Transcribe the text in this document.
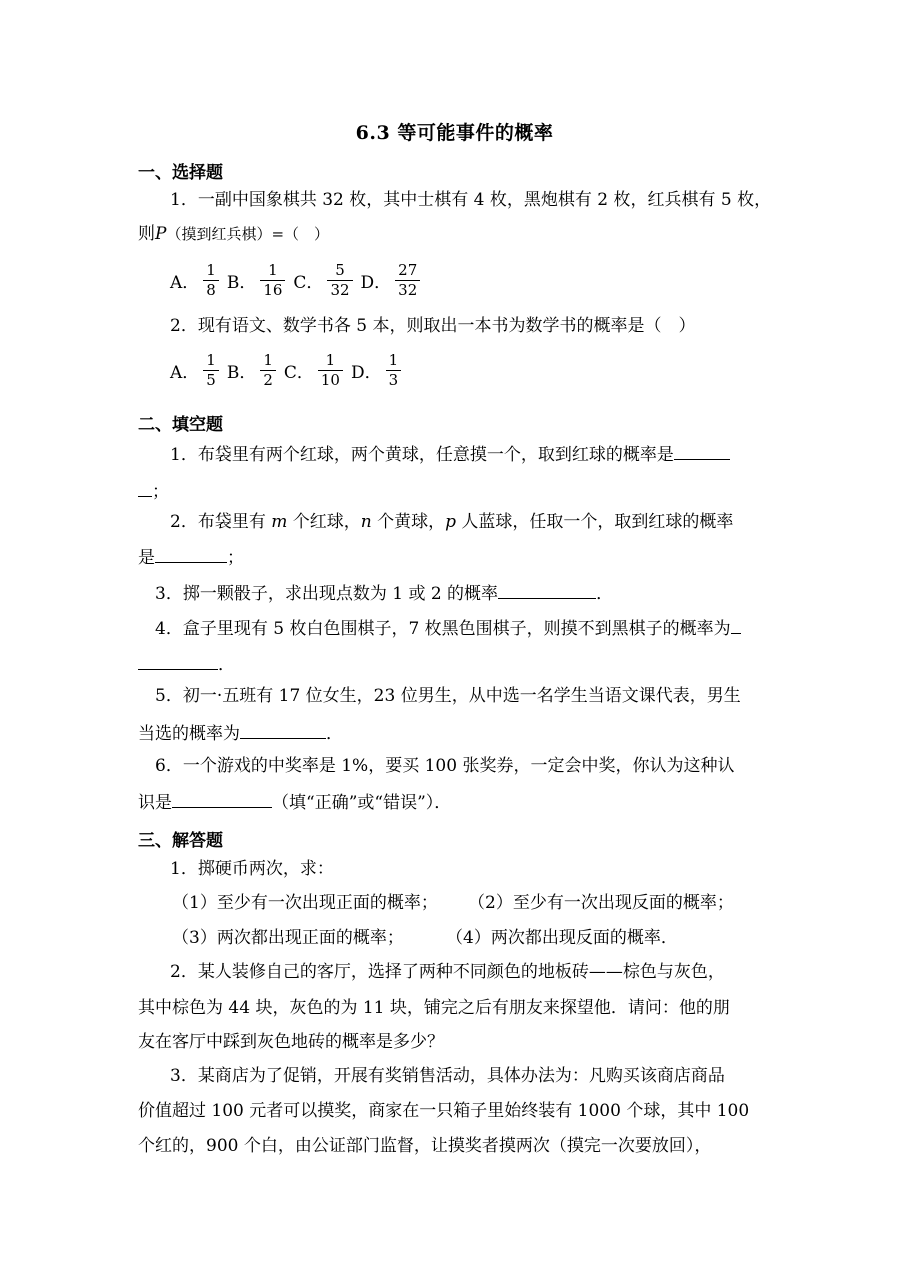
6.3 等可能事件的概率
一、选择题
1．一副中国象棋共 32 枚，其中士棋有 4 枚，黑炮棋有 2 枚，红兵棋有 5 枚，
则P（摸到红兵棋）=（　）
A． $\frac{1}{8}$ B． $\frac{1}{16}$ C． $\frac{5}{32}$ D． $\frac{27}{32}$
2．现有语文、数学书各 5 本，则取出一本书为数学书的概率是（　）
A． $\frac{1}{5}$ B． $\frac{1}{2}$ C． $\frac{1}{10}$ D． $\frac{1}{3}$
二、填空题
1．布袋里有两个红球，两个黄球，任意摸一个，取到红球的概率是
；
2．布袋里有 m 个红球，n 个黄球，p 人蓝球，任取一个，取到红球的概率
是	；
3．掷一颗骰子，求出现点数为 1 或 2 的概率	．
4．盒子里现有 5 枚白色围棋子，7 枚黑色围棋子，则摸不到黑棋子的概率为
．
5．初一·五班有 17 位女生，23 位男生，从中选一名学生当语文课代表，男生
当选的概率为	．
6．一个游戏的中奖率是 1%，要买 100 张奖券，一定会中奖，你认为这种认
识是	（填“正确”或“错误”）．
三、解答题
1．掷硬币两次，求：
（1）至少有一次出现正面的概率； （2）至少有一次出现反面的概率；
（3）两次都出现正面的概率； （4）两次都出现反面的概率．
2．某人装修自己的客厅，选择了两种不同颜色的地板砖——棕色与灰色，
其中棕色为 44 块，灰色的为 11 块，铺完之后有朋友来探望他．请问：他的朋
友在客厅中踩到灰色地砖的概率是多少？
3．某商店为了促销，开展有奖销售活动，具体办法为：凡购买该商店商品
价值超过 100 元者可以摸奖，商家在一只箱子里始终装有 1000 个球，其中 100
个红的，900 个白，由公证部门监督，让摸奖者摸两次（摸完一次要放回），
